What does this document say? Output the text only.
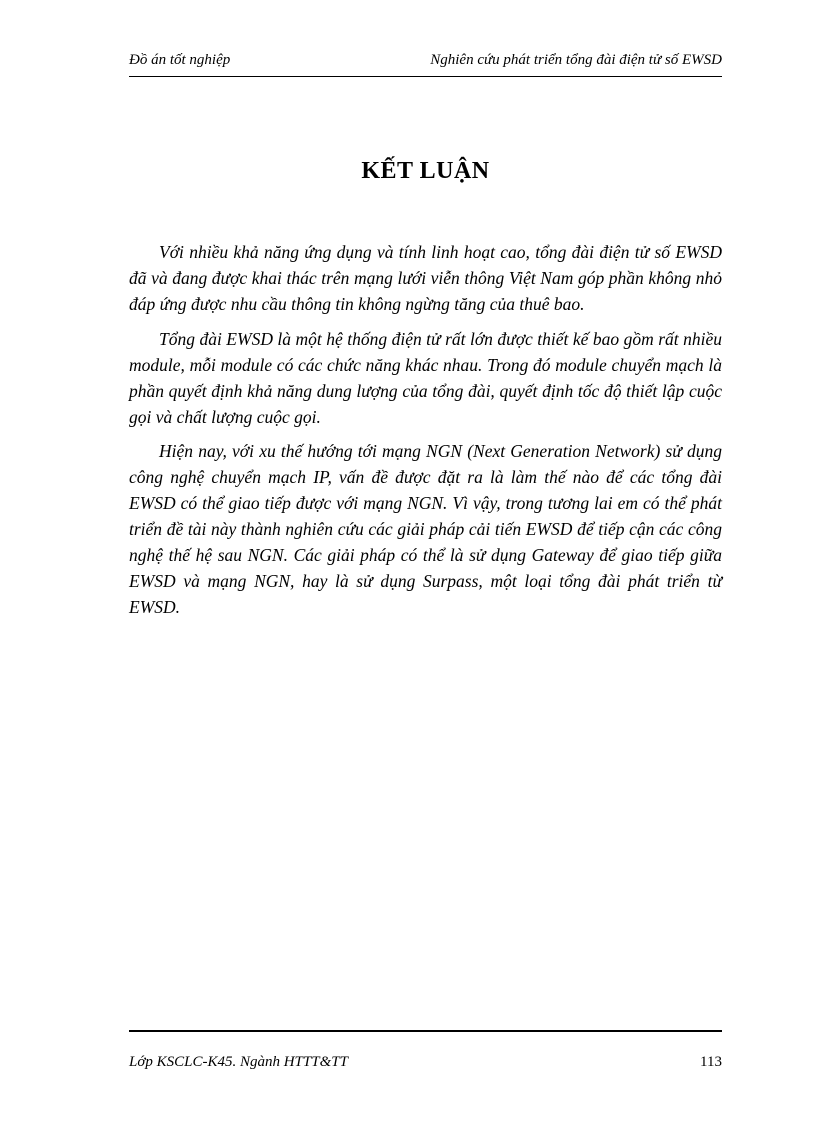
Đồ án tốt nghiệp	Nghiên cứu phát triển tổng đài điện tử số EWSD
KẾT LUẬN

Với nhiều khả năng ứng dụng và tính linh hoạt cao, tổng đài điện tử số EWSD đã và đang được khai thác trên mạng lưới viễn thông Việt Nam góp phần không nhỏ đáp ứng được nhu cầu thông tin không ngừng tăng của thuê bao.

Tổng đài EWSD là một hệ thống điện tử rất lớn được thiết kế bao gồm rất nhiều module, mỗi module có các chức năng khác nhau. Trong đó module chuyển mạch là phần quyết định khả năng dung lượng của tổng đài, quyết định tốc độ thiết lập cuộc gọi và chất lượng cuộc gọi.

Hiện nay, với xu thế hướng tới mạng NGN (Next Generation Network) sử dụng công nghệ chuyển mạch IP, vấn đề được đặt ra là làm thế nào để các tổng đài EWSD có thể giao tiếp được với mạng NGN. Vì vậy, trong tương lai em có thể phát triển đề tài này thành nghiên cứu các giải pháp cải tiến EWSD để tiếp cận các công nghệ thế hệ sau NGN. Các giải pháp có thể là sử dụng Gateway để giao tiếp giữa EWSD và mạng NGN, hay là sử dụng Surpass, một loại tổng đài phát triển từ EWSD.

Lớp KSCLC-K45. Ngành HTTT&TT	113
